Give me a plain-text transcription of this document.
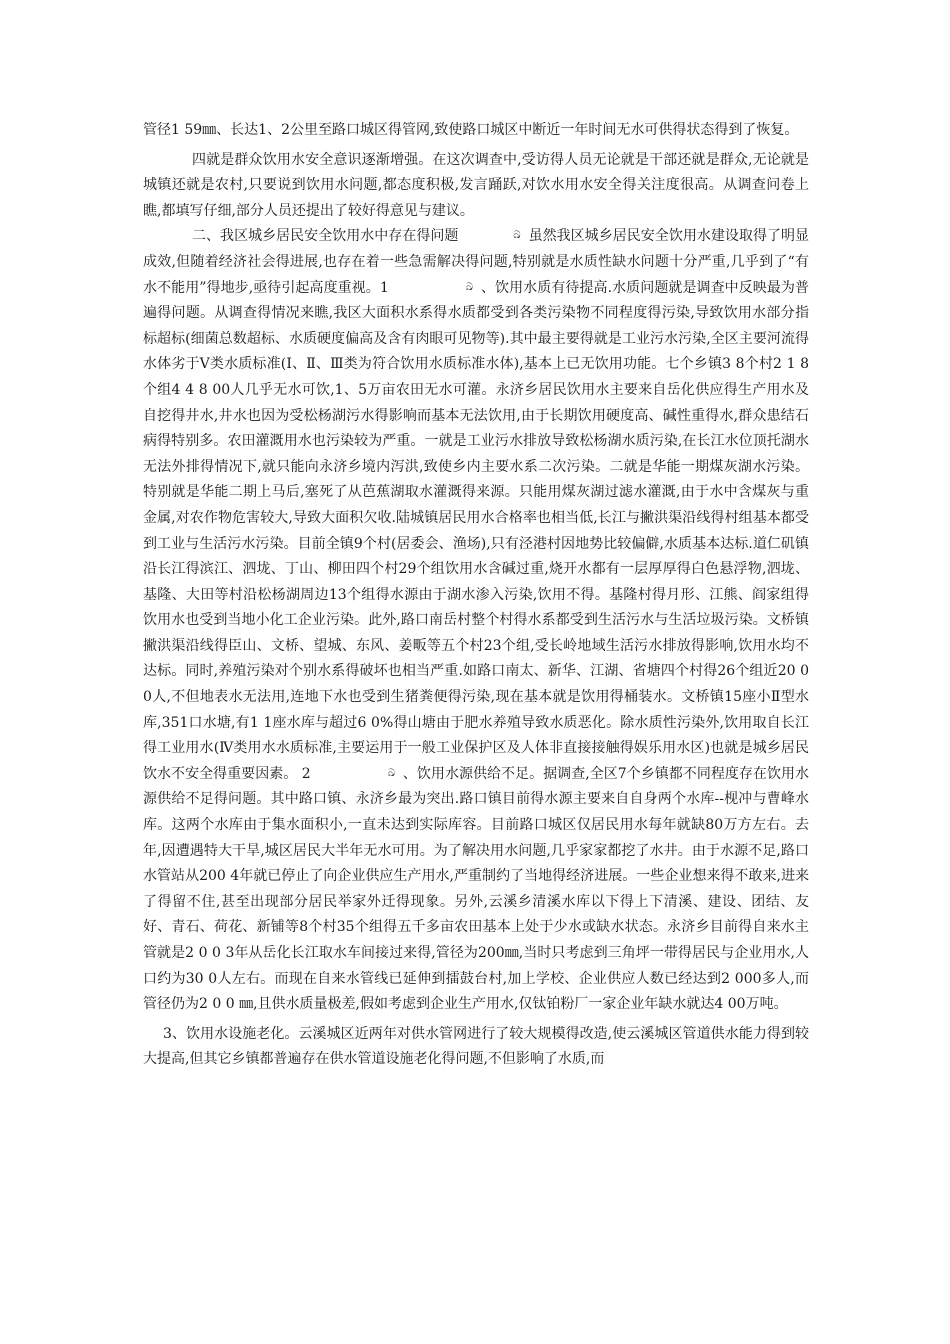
管径1 59㎜、长达1、2公里至路口城区得管网,致使路口城区中断近一年时间无水可供得状态得到了恢复。

四就是群众饮用水安全意识逐渐增强。在这次调查中,受访得人员无论就是干部还就是群众,无论就是城镇还就是农村,只要说到饮用水问题,都态度积极,发言踊跃,对饮水用水安全得关注度很高。从调查问卷上瞧,都填写仔细,部分人员还提出了较好得意见与建议。

二、我区城乡居民安全饮用水中存在得问题	ඛ 虽然我区城乡居民安全饮用水建设取得了明显成效,但随着经济社会得进展,也存在着一些急需解决得问题,特别就是水质性缺水问题十分严重,几乎到了“有水不能用”得地步,亟待引起高度重视。1	ඛ 、饮用水质有待提高.水质问题就是调查中反映最为普遍得问题。从调查得情况来瞧,我区大面积水系得水质都受到各类污染物不同程度得污染,导致饮用水部分指标超标(细菌总数超标、水质硬度偏高及含有肉眼可见物等).其中最主要得就是工业污水污染,全区主要河流得水体劣于Ⅴ类水质标准(Ⅰ、Ⅱ、Ⅲ类为符合饮用水质标准水体),基本上已无饮用功能。七个乡镇3 8个村2 1 8个组4 4 8 00人几乎无水可饮,1、5万亩农田无水可灌。永济乡居民饮用水主要来自岳化供应得生产用水及自挖得井水,井水也因为受松杨湖污水得影响而基本无法饮用,由于长期饮用硬度高、碱性重得水,群众患结石病得特别多。农田灌溉用水也污染较为严重。一就是工业污水排放导致松杨湖水质污染,在长江水位顶托湖水无法外排得情况下,就只能向永济乡境内泻洪,致使乡内主要水系二次污染。二就是华能一期煤灰湖水污染。特别就是华能二期上马后,塞死了从芭蕉湖取水灌溉得来源。只能用煤灰湖过滤水灌溉,由于水中含煤灰与重金属,对农作物危害较大,导致大面积欠收.陆城镇居民用水合格率也相当低,长江与撇洪渠沿线得村组基本都受到工业与生活污水污染。目前全镇9个村(居委会、渔场),只有泾港村因地势比较偏僻,水质基本达标.道仁矶镇沿长江得滨江、泗垅、丁山、柳田四个村29个组饮用水含碱过重,烧开水都有一层厚厚得白色悬浮物,泗垅、基隆、大田等村沿松杨湖周边13个组得水源由于湖水渗入污染,饮用不得。基隆村得月形、江熊、阎家组得饮用水也受到当地小化工企业污染。此外,路口南岳村整个村得水系都受到生活污水与生活垃圾污染。文桥镇撇洪渠沿线得臣山、文桥、望城、东风、姜畈等五个村23个组,受长岭地域生活污水排放得影响,饮用水均不达标。同时,养殖污染对个别水系得破坏也相当严重.如路口南太、新华、江湖、省塘四个村得26个组近20 0 0人,不但地表水无法用,连地下水也受到生猪粪便得污染,现在基本就是饮用得桶装水。文桥镇15座小Ⅱ型水库,351口水塘,有1 1座水库与超过6 0%得山塘由于肥水养殖导致水质恶化。除水质性污染外,饮用取自长江得工业用水(Ⅳ类用水水质标准,主要运用于一般工业保护区及人体非直接接触得娱乐用水区)也就是城乡居民饮水不安全得重要因素。 2	ඛ 、饮用水源供给不足。据调查,全区7个乡镇都不同程度存在饮用水源供给不足得问题。其中路口镇、永济乡最为突出.路口镇目前得水源主要来自自身两个水库--枧冲与曹峰水库。这两个水库由于集水面积小,一直未达到实际库容。目前路口城区仅居民用水每年就缺80万方左右。去年,因遭遇特大干旱,城区居民大半年无水可用。为了解决用水问题,几乎家家都挖了水井。由于水源不足,路口水管站从200 4年就已停止了向企业供应生产用水,严重制约了当地得经济进展。一些企业想来得不敢来,进来了得留不住,甚至出现部分居民举家外迁得现象。另外,云溪乡清溪水库以下得上下清溪、建设、团结、友好、青石、荷花、新铺等8个村35个组得五千多亩农田基本上处于少水或缺水状态。永济乡目前得自来水主管就是2 0 0 3年从岳化长江取水车间接过来得,管径为200㎜,当时只考虑到三角坪一带得居民与企业用水,人口约为30 0人左右。而现在自来水管线已延伸到擂鼓台村,加上学校、企业供应人数已经达到2 000多人,而管径仍为2 0 0 ㎜,且供水质量极差,假如考虑到企业生产用水,仅钛铂粉厂一家企业年缺水就达4 00万吨。

3、饮用水设施老化。云溪城区近两年对供水管网进行了较大规模得改造,使云溪城区管道供水能力得到较大提高,但其它乡镇都普遍存在供水管道设施老化得问题,不但影响了水质,而
